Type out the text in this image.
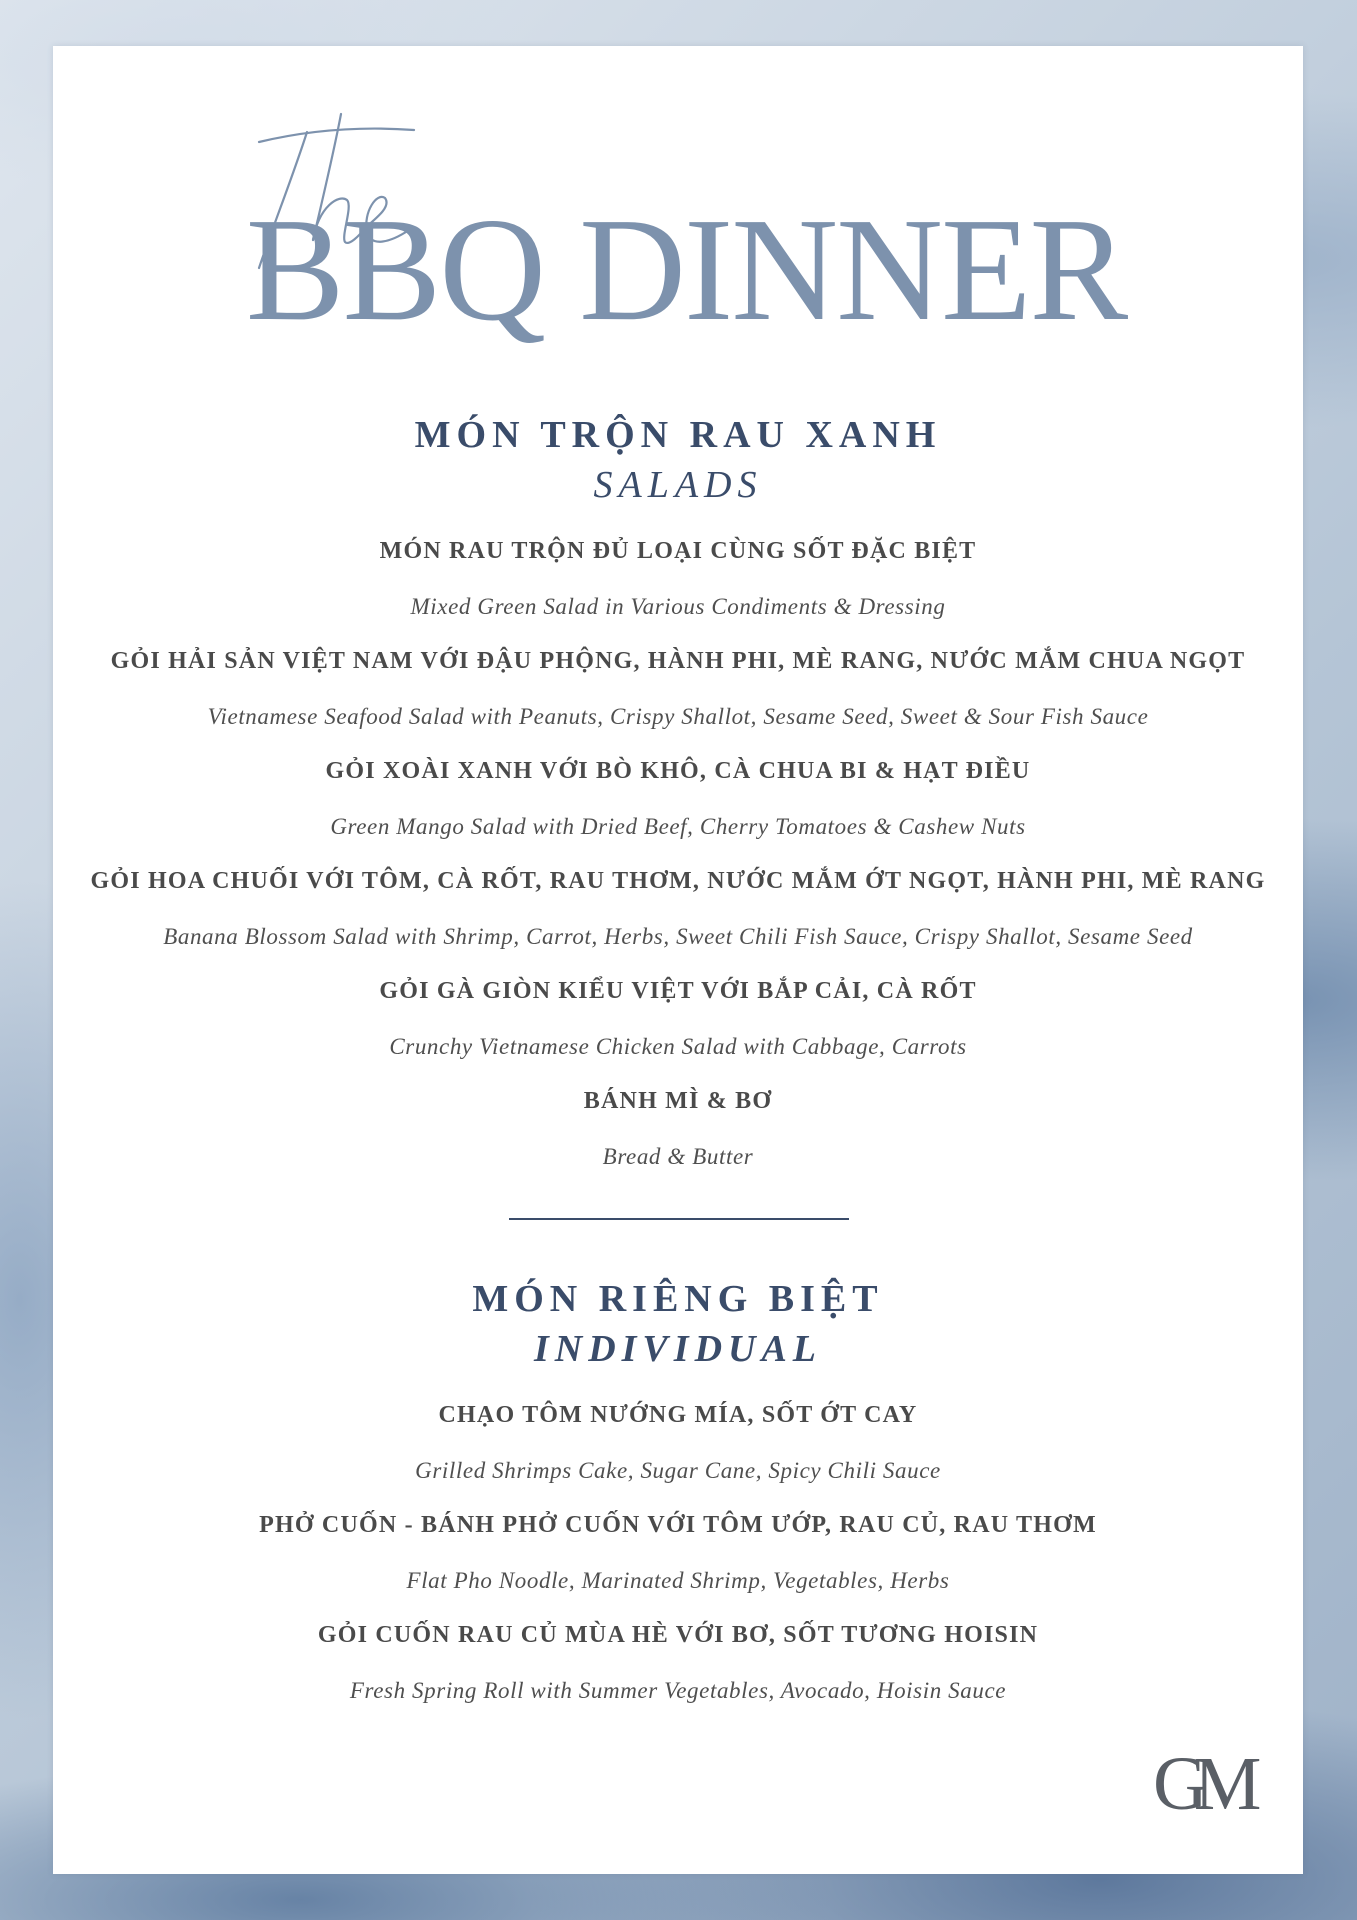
The
BBQ DINNER
MÓN TRỘN RAU XANH
SALADS
MÓN RAU TRỘN ĐỦ LOẠI CÙNG SỐT ĐẶC BIỆT
Mixed Green Salad in Various Condiments & Dressing
GỎI HẢI SẢN VIỆT NAM VỚI ĐẬU PHỘNG, HÀNH PHI, MÈ RANG, NƯỚC MẮM CHUA NGỌT
Vietnamese Seafood Salad with Peanuts, Crispy Shallot, Sesame Seed, Sweet & Sour Fish Sauce
GỎI XOÀI XANH VỚI BÒ KHÔ, CÀ CHUA BI & HẠT ĐIỀU
Green Mango Salad with Dried Beef, Cherry Tomatoes & Cashew Nuts
GỎI HOA CHUỐI VỚI TÔM, CÀ RỐT, RAU THƠM, NƯỚC MẮM ỚT NGỌT, HÀNH PHI, MÈ RANG
Banana Blossom Salad with Shrimp, Carrot, Herbs, Sweet Chili Fish Sauce, Crispy Shallot, Sesame Seed
GỎI GÀ GIÒN KIỂU VIỆT VỚI BẮP CẢI, CÀ RỐT
Crunchy Vietnamese Chicken Salad with Cabbage, Carrots
BÁNH MÌ & BƠ
Bread & Butter
MÓN RIÊNG BIỆT
INDIVIDUAL
CHẠO TÔM NƯỚNG MÍA, SỐT ỚT CAY
Grilled Shrimps Cake, Sugar Cane, Spicy Chili Sauce
PHỞ CUỐN - BÁNH PHỞ CUỐN VỚI TÔM ƯỚP, RAU CỦ, RAU THƠM
Flat Pho Noodle, Marinated Shrimp, Vegetables, Herbs
GỎI CUỐN RAU CỦ MÙA HÈ VỚI BƠ, SỐT TƯƠNG HOISIN
Fresh Spring Roll with Summer Vegetables, Avocado, Hoisin Sauce
GM
